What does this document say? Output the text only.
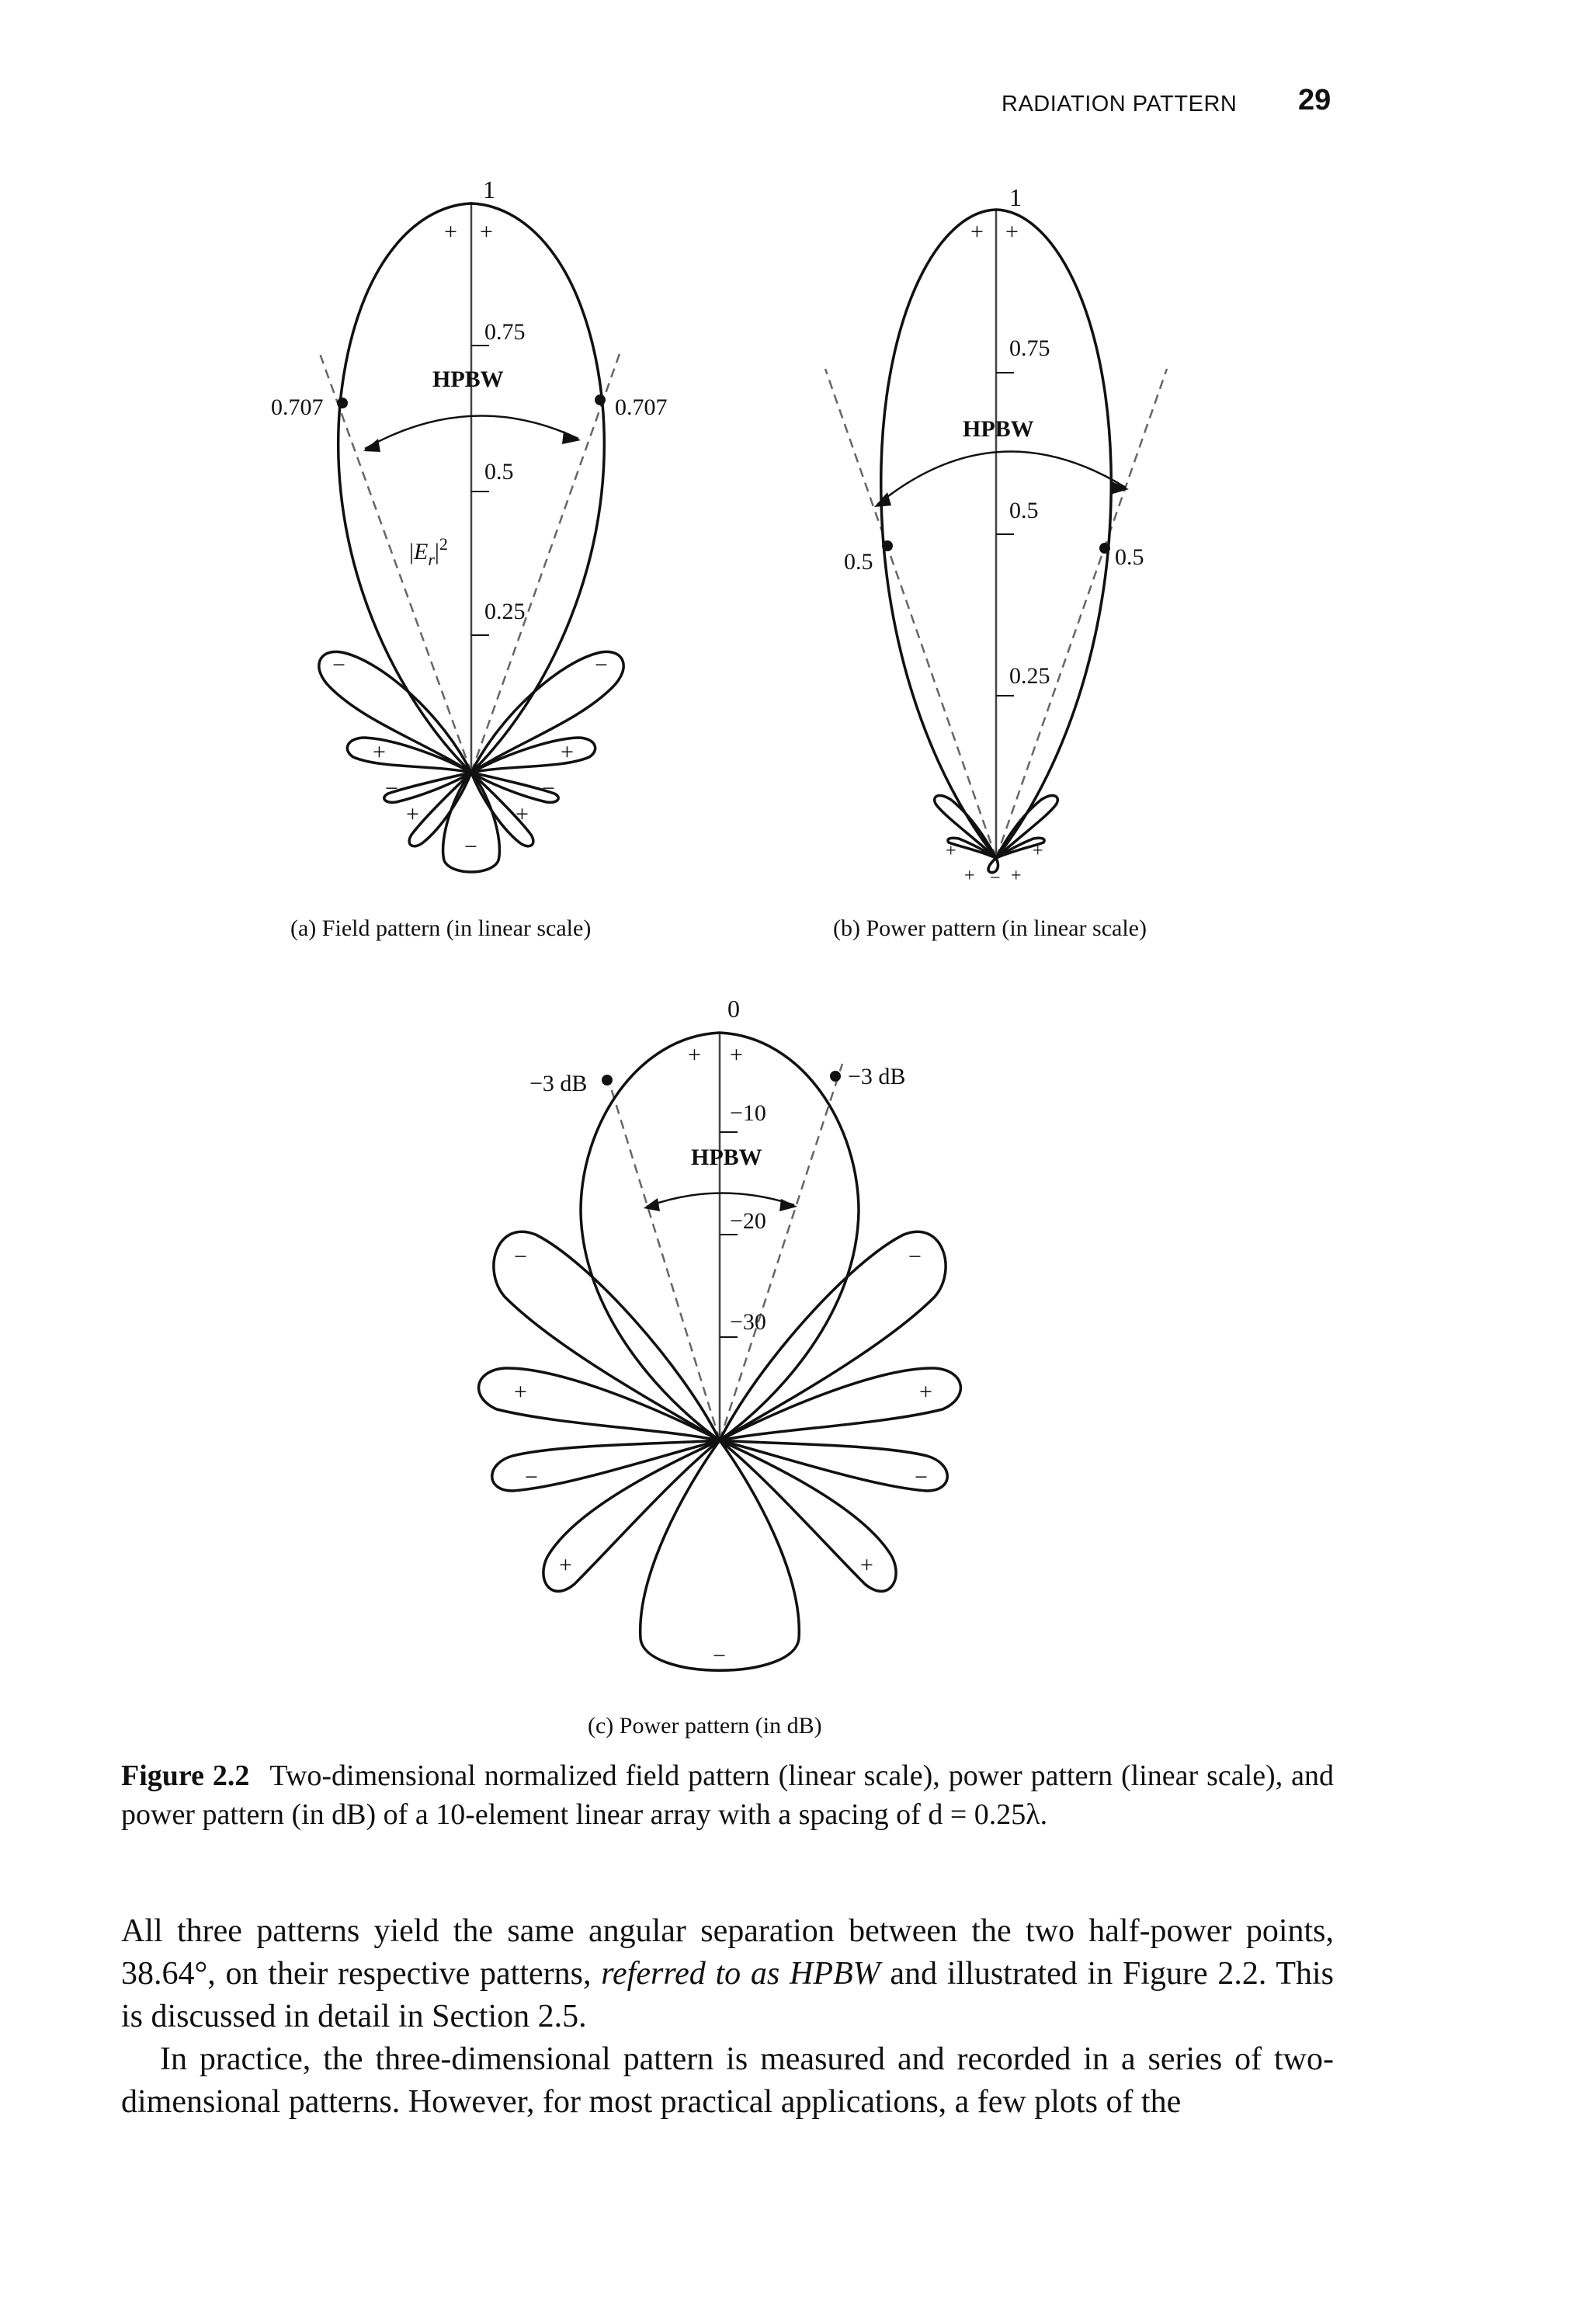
RADIATION PATTERN 29
1
+ +
0.75
0.5
0.25
0.707	0.707
HPBW
$|E_r|^2$
−	−
+	+
−	−
+	+
−
(a) Field pattern (in linear scale)
1
+ +
0.75
0.5
0.25
0.5	0.5
HPBW
+	+
+ − +
(b) Power pattern (in linear scale)
0
+ +
−10
−20
−30
−3 dB	−3 dB
HPBW
−	−
+	+
−	−
+	+
−
(c) Power pattern (in dB)
Figure 2.2 Two-dimensional normalized field pattern (linear scale), power pattern (linear scale), and power pattern (in dB) of a 10-element linear array with a spacing of d = 0.25λ.
All three patterns yield the same angular separation between the two half-power points, 38.64°, on their respective patterns, referred to as HPBW and illustrated in Figure 2.2. This is discussed in detail in Section 2.5.
In practice, the three-dimensional pattern is measured and recorded in a series of two-dimensional patterns. However, for most practical applications, a few plots of the
